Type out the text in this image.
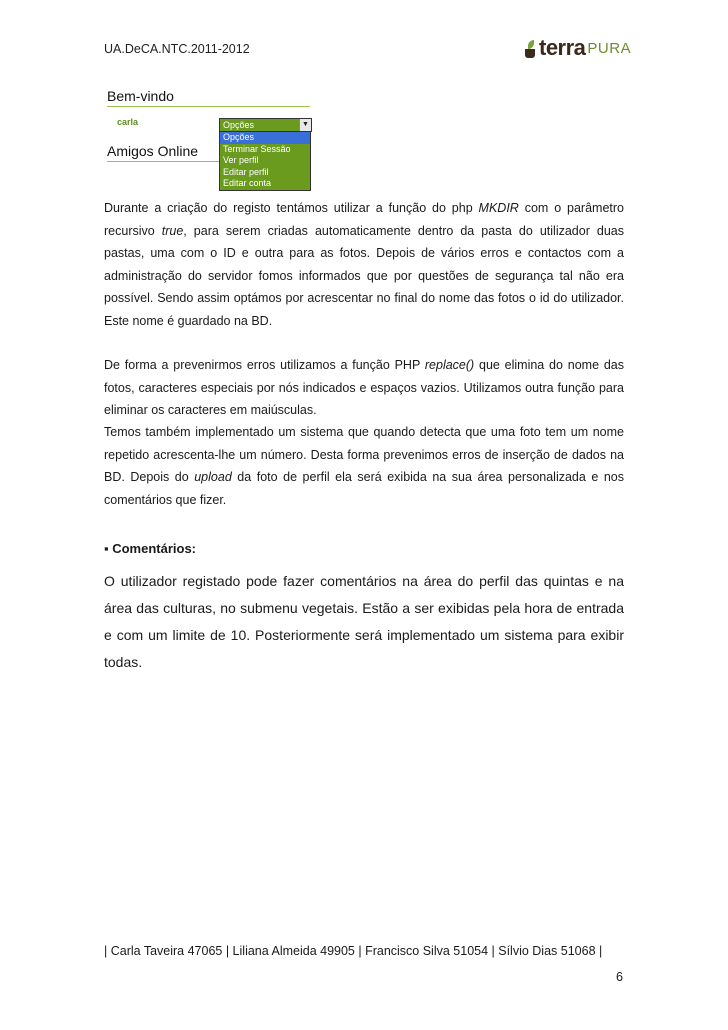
UA.DeCA.NTC.2011-2012	terra PURA
Bem-vindo
carla	Opções	▼
Amigos Online
Opções
Terminar Sessão
Ver perfil
Editar perfil
Editar conta

Durante a criação do registo tentámos utilizar a função do php MKDIR com o parâmetro recursivo true, para serem criadas automaticamente dentro da pasta do utilizador duas pastas, uma com o ID e outra para as fotos. Depois de vários erros e contactos com a administração do servidor fomos informados que por questões de segurança tal não era possível. Sendo assim optámos por acrescentar no final do nome das fotos o id do utilizador. Este nome é guardado na BD.

De forma a prevenirmos erros utilizamos a função PHP replace() que elimina do nome das fotos, caracteres especiais por nós indicados e espaços vazios. Utilizamos outra função para eliminar os caracteres em maiúsculas.

Temos também implementado um sistema que quando detecta que uma foto tem um nome repetido acrescenta-lhe um número. Desta forma prevenimos erros de inserção de dados na BD. Depois do upload da foto de perfil ela será exibida na sua área personalizada e nos comentários que fizer.

▪ Comentários:

O utilizador registado pode fazer comentários na área do perfil das quintas e na área das culturas, no submenu vegetais. Estão a ser exibidas pela hora de entrada e com um limite de 10. Posteriormente será implementado um sistema para exibir todas.

| Carla Taveira 47065 | Liliana Almeida 49905 | Francisco Silva 51054 | Sílvio Dias 51068 |
6
